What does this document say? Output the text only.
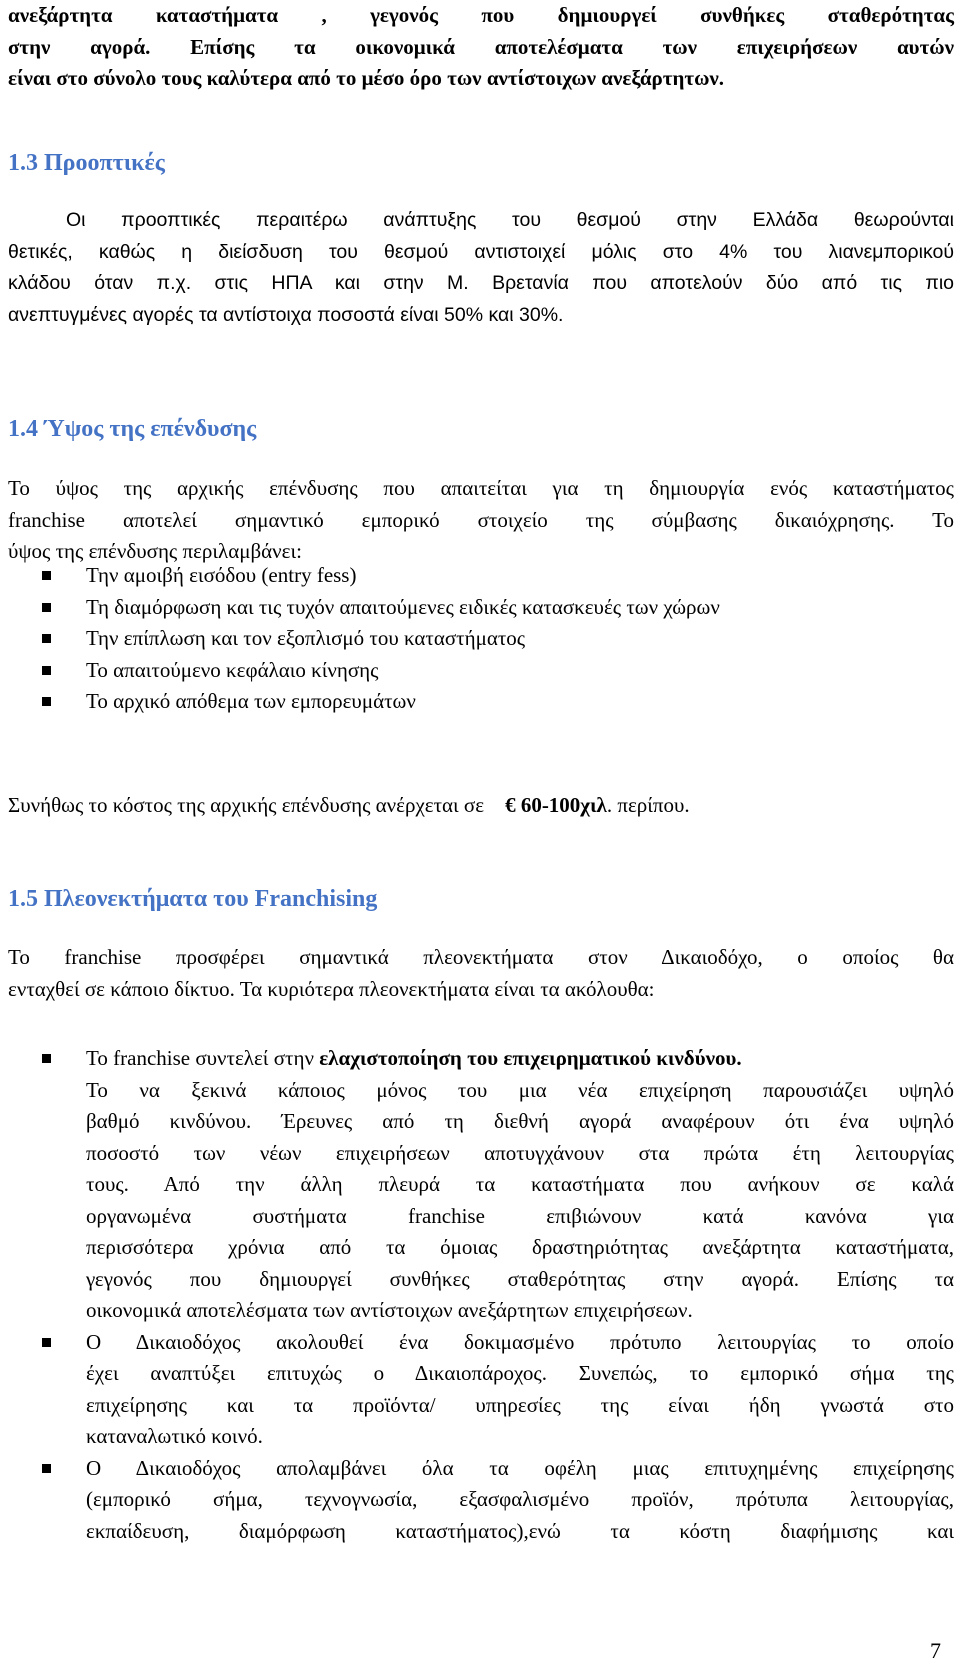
ανεξάρτητα καταστήματα , γεγονός που δημιουργεί συνθήκες σταθερότητας
στην αγορά. Επίσης τα οικονομικά αποτελέσματα των επιχειρήσεων αυτών
είναι στο σύνολο τους καλύτερα από το μέσο όρο των αντίστοιχων ανεξάρτητων.
1.3 Προοπτικές
Οι προοπτικές περαιτέρω ανάπτυξης του θεσμού στην Ελλάδα θεωρούνται
θετικές, καθώς η διείσδυση του θεσμού αντιστοιχεί μόλις στο 4% του λιανεμπορικού
κλάδου όταν π.χ. στις ΗΠΑ και στην Μ. Βρετανία που αποτελούν δύο από τις πιο
ανεπτυγμένες αγορές τα αντίστοιχα ποσοστά είναι 50% και 30%.
1.4 Ύψος της επένδυσης
Το ύψος της αρχικής επένδυσης που απαιτείται για τη δημιουργία ενός καταστήματος
franchise αποτελεί σημαντικό εμπορικό στοιχείο της σύμβασης δικαιόχρησης. Το
ύψος της επένδυσης περιλαμβάνει:
Την αμοιβή εισόδου (entry fess)
Τη διαμόρφωση και τις τυχόν απαιτούμενες ειδικές κατασκευές των χώρων
Την επίπλωση και τον εξοπλισμό του καταστήματος
Το απαιτούμενο κεφάλαιο κίνησης
Το αρχικό απόθεμα των εμπορευμάτων
Συνήθως το κόστος της αρχικής επένδυσης ανέρχεται σε € 60-100χιλ. περίπου.
1.5 Πλεονεκτήματα του Franchising
Το franchise προσφέρει σημαντικά πλεονεκτήματα στον Δικαιοδόχο, ο οποίος θα
ενταχθεί σε κάποιο δίκτυο. Τα κυριότερα πλεονεκτήματα είναι τα ακόλουθα:
Το franchise συντελεί στην ελαχιστοποίηση του επιχειρηματικού κινδύνου.
Το να ξεκινά κάποιος μόνος του μια νέα επιχείρηση παρουσιάζει υψηλό
βαθμό κινδύνου. Έρευνες από τη διεθνή αγορά αναφέρουν ότι ένα υψηλό
ποσοστό των νέων επιχειρήσεων αποτυγχάνουν στα πρώτα έτη λειτουργίας
τους. Από την άλλη πλευρά τα καταστήματα που ανήκουν σε καλά
οργανωμένα συστήματα franchise επιβιώνουν κατά κανόνα για
περισσότερα χρόνια από τα όμοιας δραστηριότητας ανεξάρτητα καταστήματα,
γεγονός που δημιουργεί συνθήκες σταθερότητας στην αγορά. Επίσης τα
οικονομικά αποτελέσματα των αντίστοιχων ανεξάρτητων επιχειρήσεων.
Ο Δικαιοδόχος ακολουθεί ένα δοκιμασμένο πρότυπο λειτουργίας το οποίο
έχει αναπτύξει επιτυχώς ο Δικαιοπάροχος. Συνεπώς, το εμπορικό σήμα της
επιχείρησης και τα προϊόντα/ υπηρεσίες της είναι ήδη γνωστά στο
καταναλωτικό κοινό.
Ο Δικαιοδόχος απολαμβάνει όλα τα οφέλη μιας επιτυχημένης επιχείρησης
(εμπορικό σήμα, τεχνογνωσία, εξασφαλισμένο προϊόν, πρότυπα λειτουργίας,
εκπαίδευση, διαμόρφωση καταστήματος),ενώ τα κόστη διαφήμισης και
7
